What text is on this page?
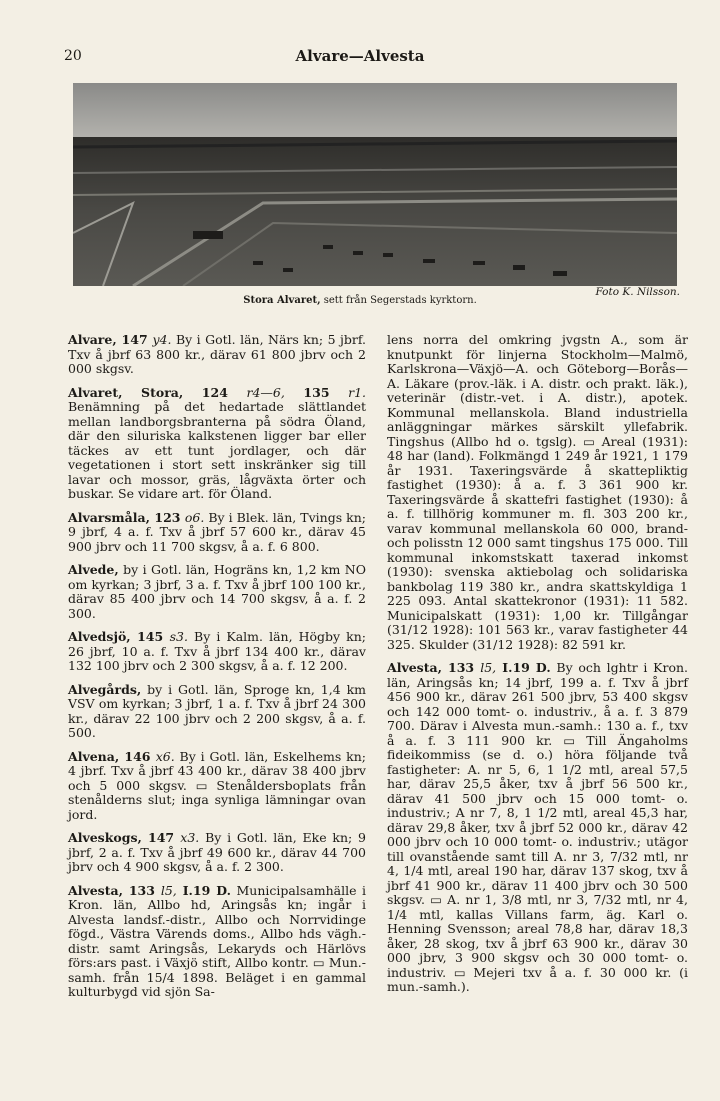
20	Alvare—Alvesta
Stora Alvaret, sett från Segerstads kyrktorn.
Foto K. Nilsson.

Alvare, 147 y4. By i Gotl. län, Närs kn; 5 jbrf. Txv å jbrf 63 800 kr., därav 61 800 jbrv och 2 000 skgsv.

Alvaret, Stora, 124 r4—6, 135 r1. Benämning på det hedartade slättlandet mellan landborgsbranterna på södra Öland, där den siluriska kalkstenen ligger bar eller täckes av ett tunt jordlager, och där vegetationen i stort sett inskränker sig till lavar och mossor, gräs, lågväxta örter och buskar. Se vidare art. för Öland.

Alvarsmåla, 123 o6. By i Blek. län, Tvings kn; 9 jbrf, 4 a. f. Txv å jbrf 57 600 kr., därav 45 900 jbrv och 11 700 skgsv, å a. f. 6 800.

Alvede, by i Gotl. län, Hogräns kn, 1,2 km NO om kyrkan; 3 jbrf, 3 a. f. Txv å jbrf 100 100 kr., därav 85 400 jbrv och 14 700 skgsv, å a. f. 2 300.

Alvedsjö, 145 s3. By i Kalm. län, Högby kn; 26 jbrf, 10 a. f. Txv å jbrf 134 400 kr., därav 132 100 jbrv och 2 300 skgsv, å a. f. 12 200.

Alvegårds, by i Gotl. län, Sproge kn, 1,4 km VSV om kyrkan; 3 jbrf, 1 a. f. Txv å jbrf 24 300 kr., därav 22 100 jbrv och 2 200 skgsv, å a. f. 500.

Alvena, 146 x6. By i Gotl. län, Eskelhems kn; 4 jbrf. Txv å jbrf 43 400 kr., därav 38 400 jbrv och 5 000 skgsv. ▭ Stenåldersboplats från stenålderns slut; inga synliga lämningar ovan jord.

Alveskogs, 147 x3. By i Gotl. län, Eke kn; 9 jbrf, 2 a. f. Txv å jbrf 49 600 kr., därav 44 700 jbrv och 4 900 skgsv, å a. f. 2 300.

Alvesta, 133 l5, I.19 D. Municipalsamhälle i Kron. län, Allbo hd, Aringsås kn; ingår i Alvesta landsf.-distr., Allbo och Norrvidinge fögd., Västra Värends doms., Allbo hds vägh.-distr. samt Aringsås, Lekaryds och Härlövs förs:ars past. i Växjö stift, Allbo kontr. ▭ Mun.-samh. från 15/4 1898. Beläget i en gammal kulturbygd vid sjön Sa-

lens norra del omkring jvgstn A., som är knutpunkt för linjerna Stockholm—Malmö, Karlskrona—Växjö—A. och Göteborg—Borås—A. Läkare (prov.-läk. i A. distr. och prakt. läk.), veterinär (distr.-vet. i A. distr.), apotek. Kommunal mellanskola. Bland industriella anläggningar märkes särskilt yllefabrik. Tingshus (Allbo hd o. tgslg). ▭ Areal (1931): 48 har (land). Folkmängd 1 249 år 1921, 1 179 år 1931. Taxeringsvärde å skattepliktig fastighet (1930): å a. f. 3 361 900 kr. Taxeringsvärde å skattefri fastighet (1930): å a. f. tillhörig kommuner m. fl. 303 200 kr., varav kommunal mellanskola 60 000, brand- och polisstn 12 000 samt tingshus 175 000. Till kommunal inkomstskatt taxerad inkomst (1930): svenska aktiebolag och solidariska bankbolag 119 380 kr., andra skattskyldiga 1 225 093. Antal skattekronor (1931): 11 582. Municipalskatt (1931): 1,00 kr. Tillgångar (31/12 1928): 101 563 kr., varav fastigheter 44 325. Skulder (31/12 1928): 82 591 kr.

Alvesta, 133 l5, I.19 D. By och lghtr i Kron. län, Aringsås kn; 14 jbrf, 199 a. f. Txv å jbrf 456 900 kr., därav 261 500 jbrv, 53 400 skgsv och 142 000 tomt- o. industriv., å a. f. 3 879 700. Därav i Alvesta mun.-samh.: 130 a. f., txv å a. f. 3 111 900 kr. ▭ Till Ängaholms fideikommiss (se d. o.) höra följande två fastigheter: A. nr 5, 6, 1 1/2 mtl, areal 57,5 har, därav 25,5 åker, txv å jbrf 56 500 kr., därav 41 500 jbrv och 15 000 tomt- o. industriv.; A nr 7, 8, 1 1/2 mtl, areal 45,3 har, därav 29,8 åker, txv å jbrf 52 000 kr., därav 42 000 jbrv och 10 000 tomt- o. industriv.; utägor till ovanstående samt till A. nr 3, 7/32 mtl, nr 4, 1/4 mtl, areal 190 har, därav 137 skog, txv å jbrf 41 900 kr., därav 11 400 jbrv och 30 500 skgsv. ▭ A. nr 1, 3/8 mtl, nr 3, 7/32 mtl, nr 4, 1/4 mtl, kallas Villans farm, äg. Karl o. Henning Svensson; areal 78,8 har, därav 18,3 åker, 28 skog, txv å jbrf 63 900 kr., därav 30 000 jbrv, 3 900 skgsv och 30 000 tomt- o. industriv. ▭ Mejeri txv å a. f. 30 000 kr. (i mun.-samh.).
